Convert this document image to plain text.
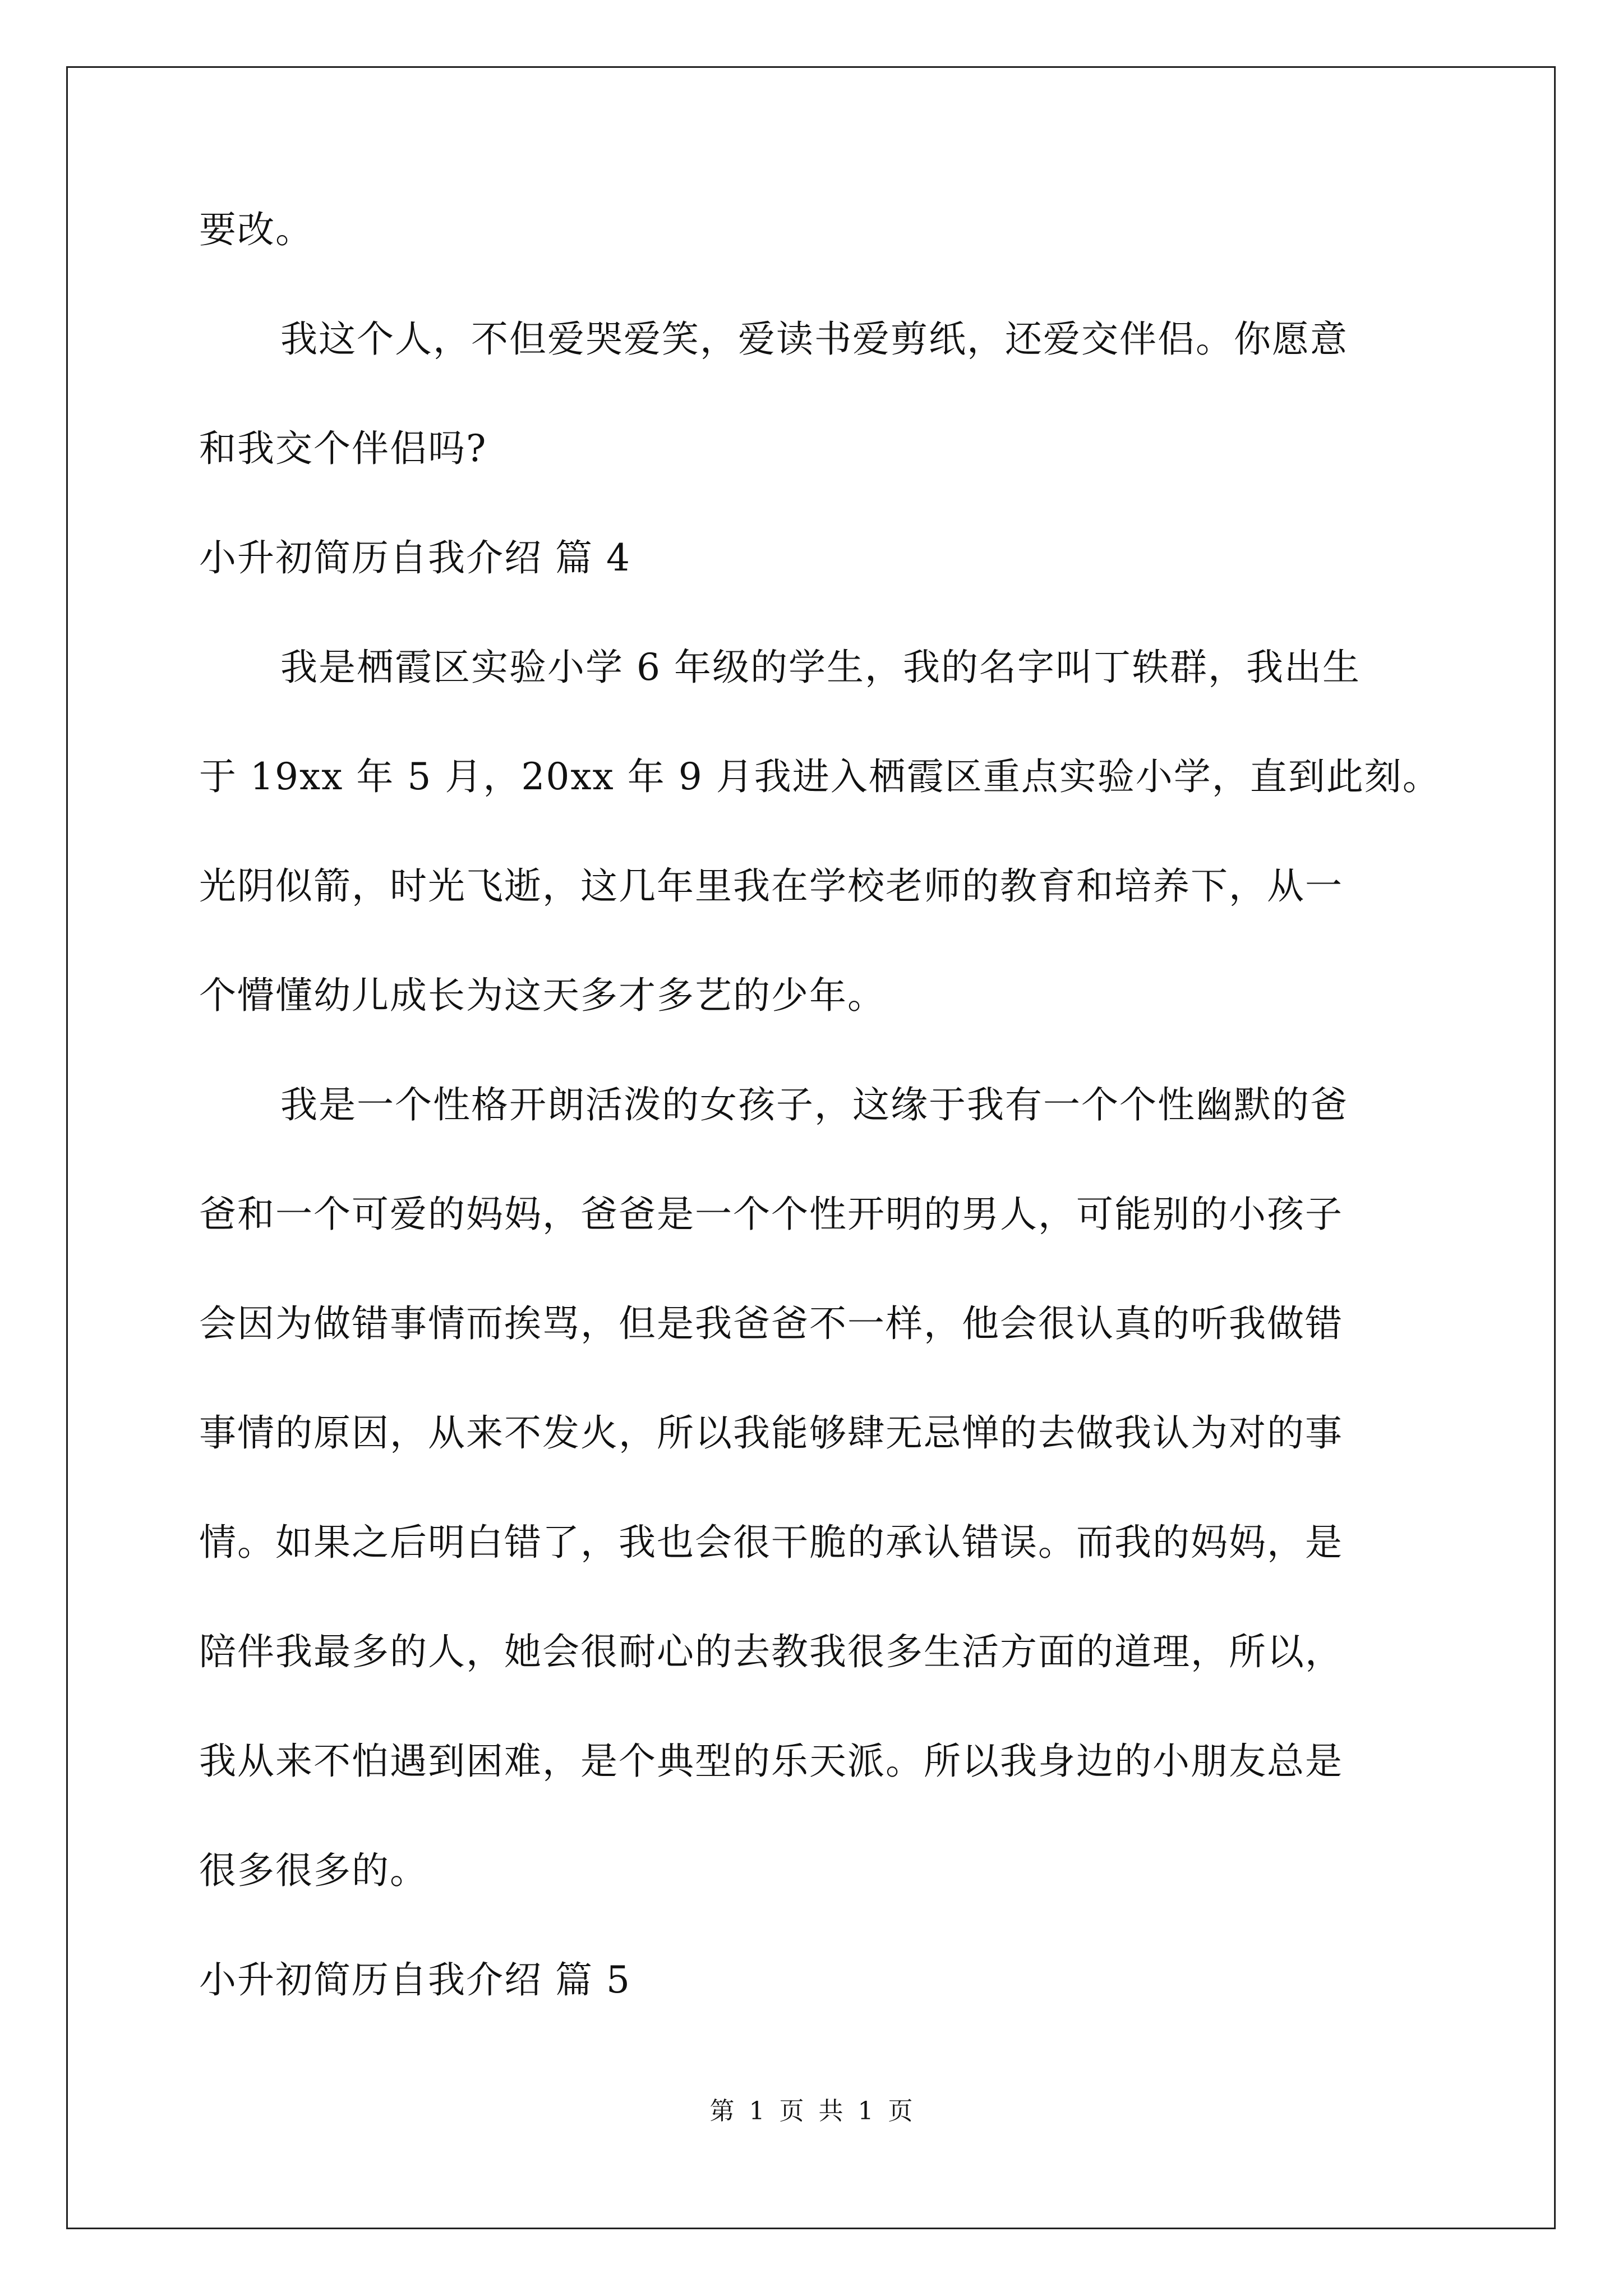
要改。
我这个人，不但爱哭爱笑，爱读书爱剪纸，还爱交伴侣。你愿意
和我交个伴侣吗?
小升初简历自我介绍 篇 4
我是栖霞区实验小学 6 年级的学生，我的名字叫丁轶群，我出生
于 19xx 年 5 月，20xx 年 9 月我进入栖霞区重点实验小学，直到此刻。
光阴似箭，时光飞逝，这几年里我在学校老师的教育和培养下，从一
个懵懂幼儿成长为这天多才多艺的少年。
我是一个性格开朗活泼的女孩子，这缘于我有一个个性幽默的爸
爸和一个可爱的妈妈，爸爸是一个个性开明的男人，可能别的小孩子
会因为做错事情而挨骂，但是我爸爸不一样，他会很认真的听我做错
事情的原因，从来不发火，所以我能够肆无忌惮的去做我认为对的事
情。如果之后明白错了，我也会很干脆的承认错误。而我的妈妈，是
陪伴我最多的人，她会很耐心的去教我很多生活方面的道理，所以，
我从来不怕遇到困难，是个典型的乐天派。所以我身边的小朋友总是
很多很多的。
小升初简历自我介绍 篇 5
第 1 页 共 1 页
